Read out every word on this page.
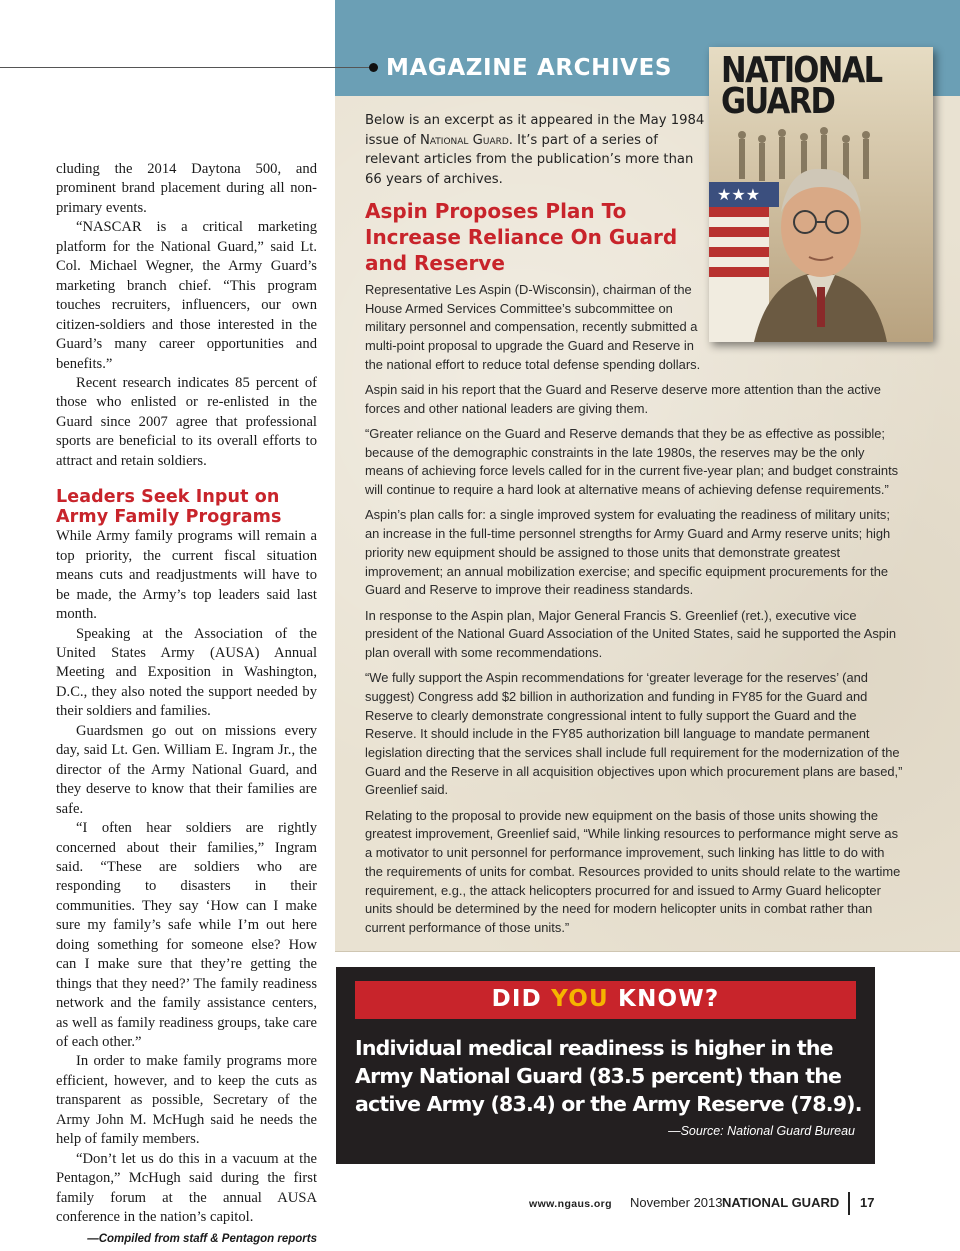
cluding the 2014 Daytona 500, and prominent brand placement during all non-primary events.

“NASCAR is a critical marketing platform for the National Guard,” said Lt. Col. Michael Wegner, the Army Guard’s marketing branch chief. “This program touches recruiters, influencers, our own citizen-soldiers and those interested in the Guard’s many career opportunities and benefits.”

Recent research indicates 85 percent of those who enlisted or re-enlisted in the Guard since 2007 agree that professional sports are beneficial to its overall efforts to attract and retain soldiers.

Leaders Seek Input on Army Family Programs

While Army family programs will remain a top priority, the current fiscal situation means cuts and readjustments will have to be made, the Army’s top leaders said last month.

Speaking at the Association of the United States Army (AUSA) Annual Meeting and Exposition in Washington, D.C., they also noted the support needed by their soldiers and families.

Guardsmen go out on missions every day, said Lt. Gen. William E. Ingram Jr., the director of the Army National Guard, and they deserve to know that their families are safe.

“I often hear soldiers are rightly concerned about their families,” Ingram said. “These are soldiers who are responding to disasters in their communities. They say ‘How can I make sure my family’s safe while I’m out here doing something for someone else? How can I make sure that they’re getting the things that they need?’ The family readiness network and the family assistance centers, as well as family readiness groups, take care of each other.”

In order to make family programs more efficient, however, and to keep the cuts as transparent as possible, Secretary of the Army John M. McHugh said he needs the help of family members.

“Don’t let us do this in a vacuum at the Pentagon,” McHugh said during the first family forum at the annual AUSA conference in the nation’s capitol.

—Compiled from staff & Pentagon reports

MAGAZINE ARCHIVES
Below is an excerpt as it appeared in the May 1984 issue of National Guard. It’s part of a series of relevant articles from the publication’s more than 66 years of archives.
Aspin Proposes Plan To Increase Reliance On Guard and Reserve
Representative Les Aspin (D-Wisconsin), chairman of the House Armed Services Committee’s subcommittee on military personnel and compensation, recently submitted a multi-point proposal to upgrade the Guard and Reserve in the national effort to reduce total defense spending dollars.

Aspin said in his report that the Guard and Reserve deserve more attention than the active forces and other national leaders are giving them.

“Greater reliance on the Guard and Reserve demands that they be as effective as possible; because of the demographic constraints in the late 1980s, the reserves may be the only means of achieving force levels called for in the current five-year plan; and budget constraints will continue to require a hard look at alternative means of achieving defense requirements.”

Aspin’s plan calls for: a single improved system for evaluating the readiness of military units; an increase in the full-time personnel strengths for Army Guard and Army reserve units; high priority new equipment should be assigned to those units that demonstrate greatest improvement; an annual mobilization exercise; and specific equipment procurements for the Guard and Reserve to improve their readiness standards.

In response to the Aspin plan, Major General Francis S. Greenlief (ret.), executive vice president of the National Guard Association of the United States, said he supported the Aspin plan overall with some recommendations.

“We fully support the Aspin recommendations for ‘greater leverage for the reserves’ (and suggest) Congress add $2 billion in authorization and funding in FY85 for the Guard and Reserve to clearly demonstrate congressional intent to fully support the Guard and the Reserve. It should include in the FY85 authorization bill language to mandate permanent legislation directing that the services shall include full requirement for the modernization of the Guard and the Reserve in all acquisition objectives upon which procurement plans are based,” Greenlief said.

Relating to the proposal to provide new equipment on the basis of those units showing the greatest improvement, Greenlief said, “While linking resources to performance might serve as a motivator to unit personnel for performance improvement, such linking has little to do with the requirements of units for combat. Resources provided to units should relate to the wartime requirement, e.g., the attack helicopters procurred for and issued to Army Guard helicopter units should be determined by the need for modern helicopter units in combat rather than current performance of those units.”

★★★
NATIONAL GUARD
DID YOU KNOW?
Individual medical readiness is higher in the Army National Guard (83.5 percent) than the active Army (83.4) or the Army Reserve (78.9).
—Source: National Guard Bureau
www.ngaus.org November 2013 NATIONAL GUARD 17
